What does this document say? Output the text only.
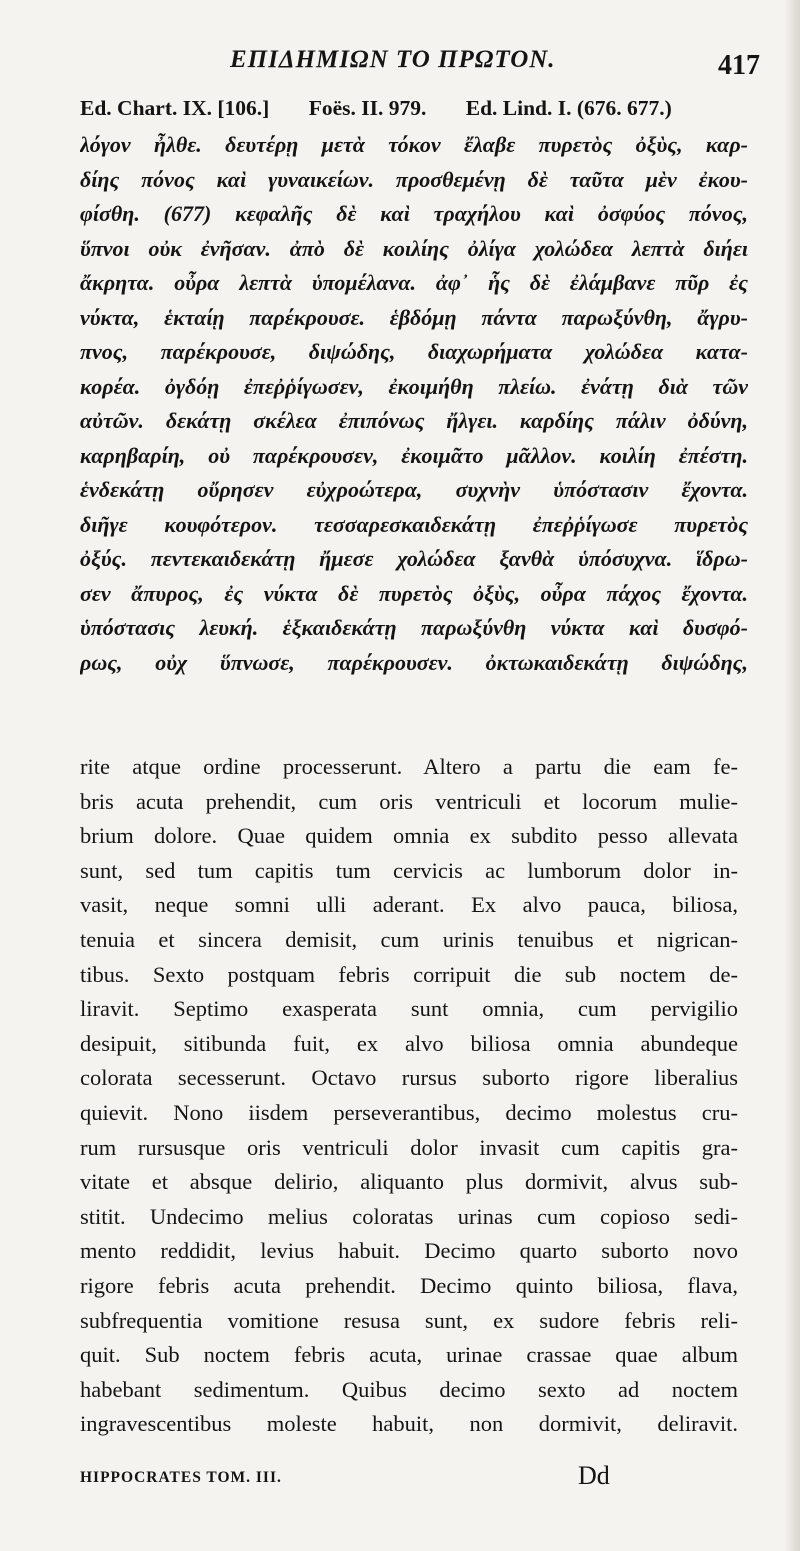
ΕΠΙΔΗΜΙΩΝ ΤΟ ΠΡΩΤΟΝ.	417
Ed. Chart. IX. [106.] Foës. II. 979. Ed. Lind. I. (676. 677.)
λόγον ἦλθε. δευτέρῃ μετὰ τόκον ἔλαβε πυρετὸς ὀξὺς, καρ-
δίης πόνος καὶ γυναικείων. προσθεμένῃ δὲ ταῦτα μὲν ἐκου-
φίσθη. (677) κεφαλῆς δὲ καὶ τραχήλου καὶ ὀσφύος πόνος,
ὕπνοι οὐκ ἐνῆσαν. ἀπὸ δὲ κοιλίης ὀλίγα χολώδεα λεπτὰ διήει
ἄκρητα. οὖρα λεπτὰ ὑπομέλανα. ἀφ᾽ ἧς δὲ ἐλάμβανε πῦρ ἐς
νύκτα, ἑκταίῃ παρέκρουσε. ἑβδόμῃ πάντα παρωξύνθη, ἄγρυ-
πνος, παρέκρουσε, διψώδης, διαχωρήματα χολώδεα κατα-
κορέα. ὀγδόῃ ἐπεῤῥίγωσεν, ἐκοιμήθη πλείω. ἐνάτῃ διὰ τῶν
αὐτῶν. δεκάτῃ σκέλεα ἐπιπόνως ἤλγει. καρδίης πάλιν ὀδύνη,
καρηβαρίη, οὐ παρέκρουσεν, ἐκοιμᾶτο μᾶλλον. κοιλίη ἐπέστη.
ἑνδεκάτῃ οὔρησεν εὐχροώτερα, συχνὴν ὑπόστασιν ἔχοντα.
διῆγε κουφότερον. τεσσαρεσκαιδεκάτῃ ἐπεῤῥίγωσε πυρετὸς
ὀξύς. πεντεκαιδεκάτῃ ἤμεσε χολώδεα ξανθὰ ὑπόσυχνα. ἵδρω-
σεν ἄπυρος, ἐς νύκτα δὲ πυρετὸς ὀξὺς, οὖρα πάχος ἔχοντα.
ὑπόστασις λευκή. ἑξκαιδεκάτῃ παρωξύνθη νύκτα καὶ δυσφό-
ρως, οὐχ ὕπνωσε, παρέκρουσεν. ὀκτωκαιδεκάτῃ διψώδης,
rite atque ordine processerunt. Altero a partu die eam fe-
bris acuta prehendit, cum oris ventriculi et locorum mulie-
brium dolore. Quae quidem omnia ex subdito pesso allevata
sunt, sed tum capitis tum cervicis ac lumborum dolor in-
vasit, neque somni ulli aderant. Ex alvo pauca, biliosa,
tenuia et sincera demisit, cum urinis tenuibus et nigrican-
tibus. Sexto postquam febris corripuit die sub noctem de-
liravit. Septimo exasperata sunt omnia, cum pervigilio
desipuit, sitibunda fuit, ex alvo biliosa omnia abundeque
colorata secesserunt. Octavo rursus suborto rigore liberalius
quievit. Nono iisdem perseverantibus, decimo molestus cru-
rum rursusque oris ventriculi dolor invasit cum capitis gra-
vitate et absque delirio, aliquanto plus dormivit, alvus sub-
stitit. Undecimo melius coloratas urinas cum copioso sedi-
mento reddidit, levius habuit. Decimo quarto suborto novo
rigore febris acuta prehendit. Decimo quinto biliosa, flava,
subfrequentia vomitione resusa sunt, ex sudore febris reli-
quit. Sub noctem febris acuta, urinae crassae quae album
habebant sedimentum. Quibus decimo sexto ad noctem
ingravescentibus moleste habuit, non dormivit, deliravit.
HIPPOCRATES TOM. III.	Dd
